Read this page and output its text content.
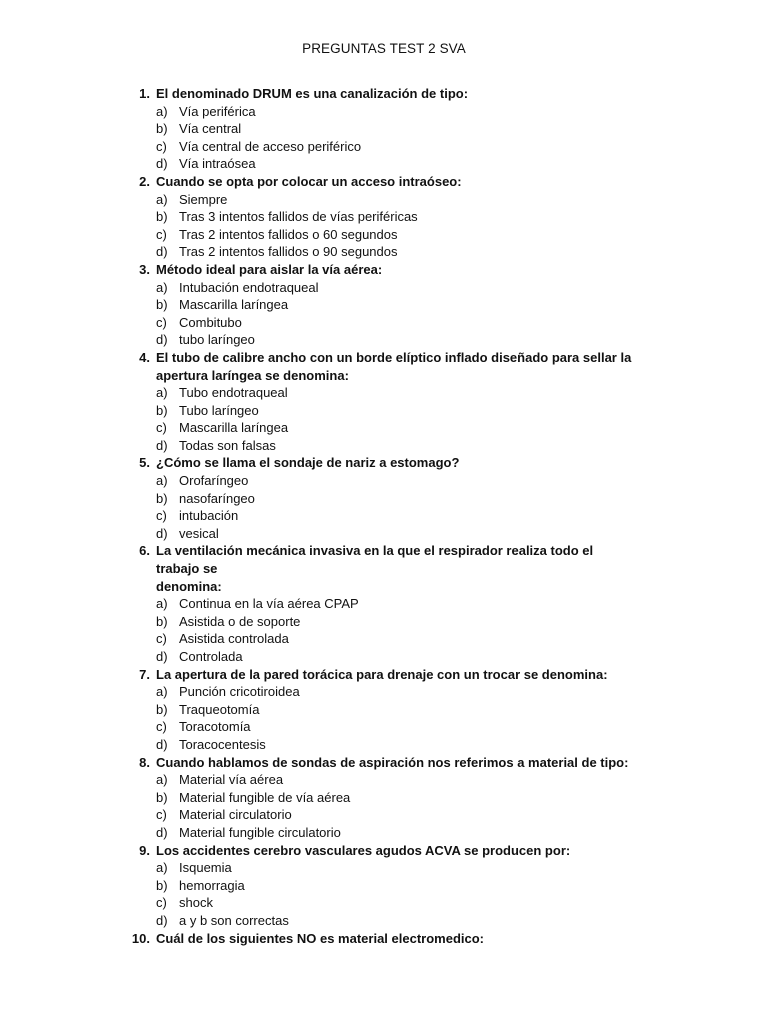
PREGUNTAS TEST 2 SVA
1. El denominado DRUM es una canalización de tipo:
a) Vía periférica
b) Vía central
c) Vía central de acceso periférico
d) Vía intraósea
2. Cuando se opta por colocar un acceso intraóseo:
a) Siempre
b) Tras 3 intentos fallidos de vías periféricas
c) Tras 2 intentos fallidos o 60 segundos
d) Tras 2 intentos fallidos o 90 segundos
3. Método ideal para aislar la vía aérea:
a) Intubación endotraqueal
b) Mascarilla laríngea
c) Combitubo
d) tubo laríngeo
4. El tubo de calibre ancho con un borde elíptico inflado diseñado para sellar la
apertura laríngea se denomina:
a) Tubo endotraqueal
b) Tubo laríngeo
c) Mascarilla laríngea
d) Todas son falsas
5. ¿Cómo se llama el sondaje de nariz a estomago?
a) Orofaríngeo
b) nasofaríngeo
c) intubación
d) vesical
6. La ventilación mecánica invasiva en la que el respirador realiza todo el trabajo se
denomina:
a) Continua en la vía aérea CPAP
b) Asistida o de soporte
c) Asistida controlada
d) Controlada
7. La apertura de la pared torácica para drenaje con un trocar se denomina:
a) Punción cricotiroidea
b) Traqueotomía
c) Toracotomía
d) Toracocentesis
8. Cuando hablamos de sondas de aspiración nos referimos a material de tipo:
a) Material vía aérea
b) Material fungible de vía aérea
c) Material circulatorio
d) Material fungible circulatorio
9. Los accidentes cerebro vasculares agudos ACVA se producen por:
a) Isquemia
b) hemorragia
c) shock
d) a y b son correctas
10. Cuál de los siguientes NO es material electromedico:
